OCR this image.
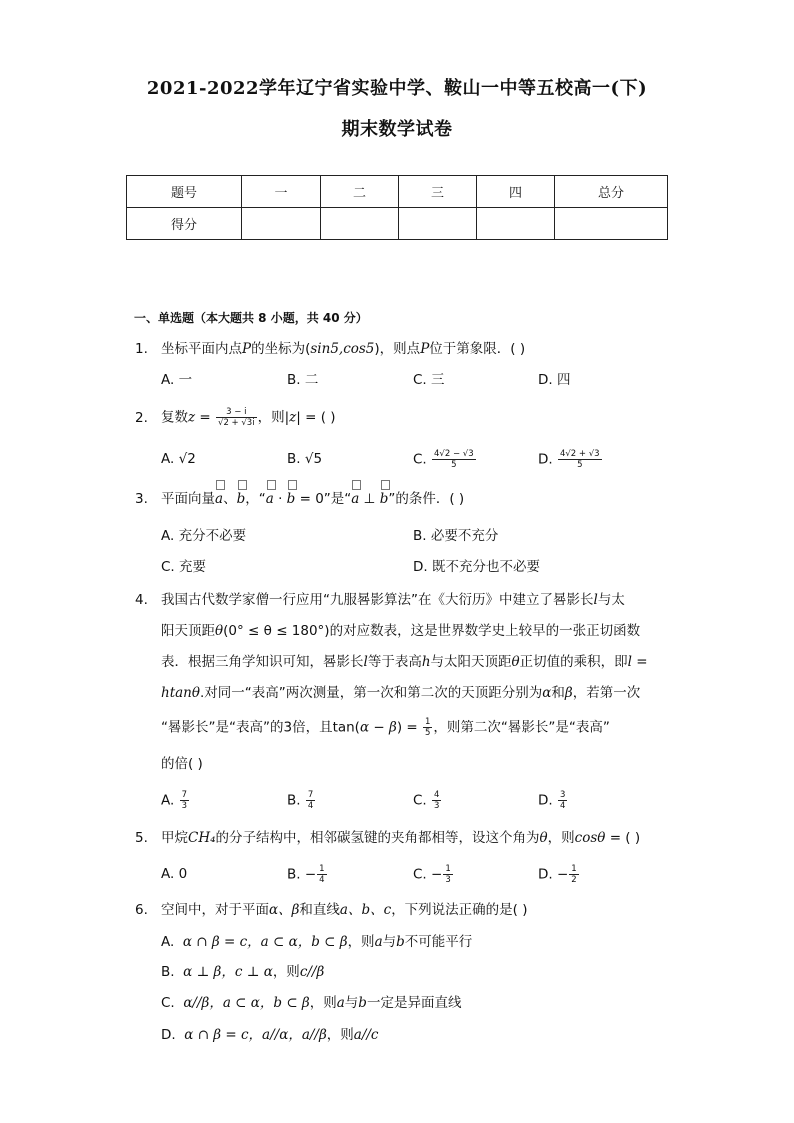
2021-2022学年辽宁省实验中学、鞍山一中等五校高一(下)
期末数学试卷
题号	一	二	三	四	总分
得分					
一、单选题（本大题共 8 小题，共 40 分）
1. 坐标平面内点P的坐标为(sin5,cos5)，则点P位于第象限．( )
A. 一	B. 二	C. 三	D. 四
2. 复数$z = \frac{3 - i}{√2 + √3i}$ ，则|z| = ( )
A. √2	B. √5	C. $\frac{4√2 - √3}{5}$	D. $\frac{4√2 + √3}{5}$
3. 平面向量
a、
b，“
a ·
b = 0”是“
a ⊥
b”的条件．( )
A. 充分不必要	B. 必要不充分
C. 充要	D. 既不充分也不必要
4. 我国古代数学家僧一行应用“九服晷影算法”在《大衍历》中建立了晷影长l与太
阳天顶距θ(0° ≤ θ ≤ 180°)的对应数表，这是世界数学史上较早的一张正切函数
表．根据三角学知识可知，晷影长l等于表高h与太阳天顶距θ正切值的乘积，即l =
htanθ.对同一“表高”两次测量，第一次和第二次的天顶距分别为α和β，若第一次
“晷影长”是“表高”的3倍，且$\tan(\alpha - \beta) = \frac{1}{5}$ ，则第二次“晷影长”是“表高”
的倍( )
A. $\frac{7}{3}$	B. $\frac{7}{4}$	C. $\frac{4}{3}$	D. $\frac{3}{4}$
5. 甲烷CH₄的分子结构中，相邻碳氢键的夹角都相等，设这个角为θ，则cosθ = ( )
A. 0	B. − $\frac{1}{4}$	C. − $\frac{1}{3}$	D. − $\frac{1}{2}$
6. 空间中，对于平面α、β和直线a、b、c，下列说法正确的是( )
A. α ∩ β = c，a ⊂ α，b ⊂ β，则a与b不可能平行
B. α ⊥ β，c ⊥ α，则c//β
C. α//β，a ⊂ α，b ⊂ β，则a与b一定是异面直线
D. α ∩ β = c，a//α，a//β，则a//c
